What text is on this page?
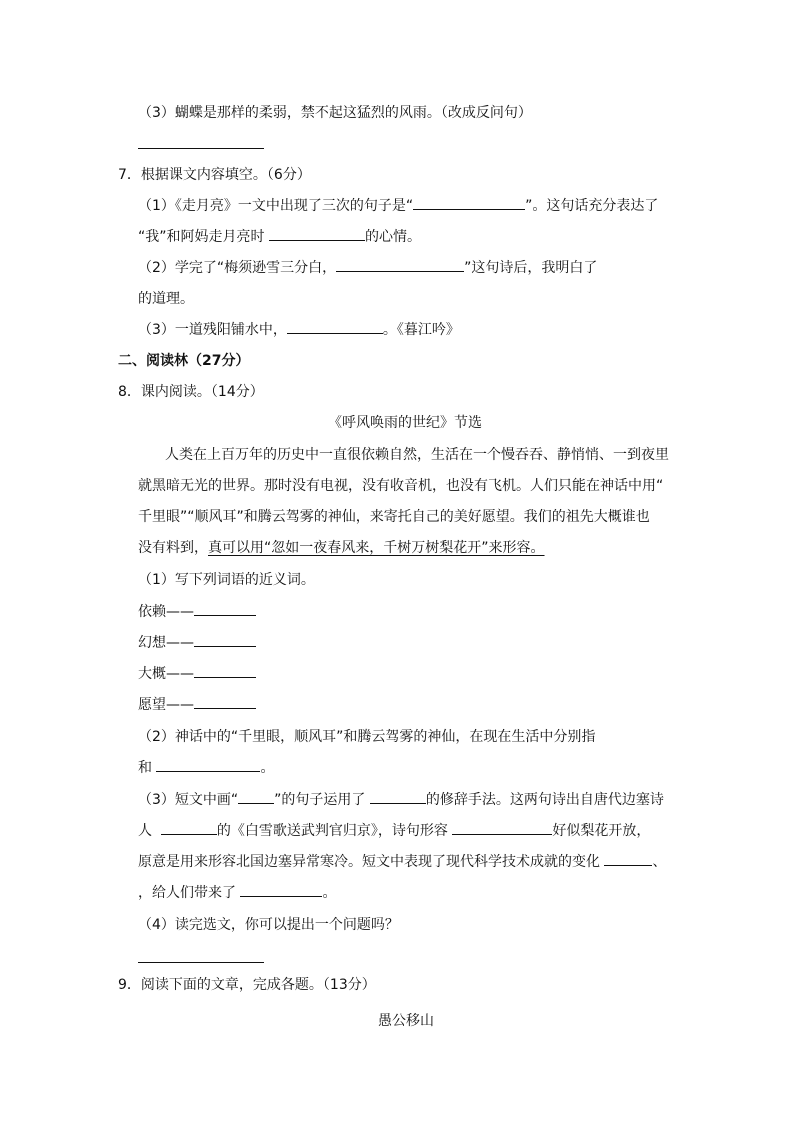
（3）蝴蝶是那样的柔弱，禁不起这猛烈的风雨。（改成反问句）
7．根据课文内容填空。（6分）
（1）《走月亮》一文中出现了三次的句子是“	”。这句话充分表达了
“我”和阿妈走月亮时	的心情。
（2）学完了“梅须逊雪三分白，	”这句诗后，我明白了
的道理。
（3）一道残阳铺水中，	。《暮江吟》
二、阅读林（27分）
8．课内阅读。（14分）
《呼风唤雨的世纪》节选
人类在上百万年的历史中一直很依赖自然，生活在一个慢吞吞、静悄悄、一到夜里
就黑暗无光的世界。那时没有电视，没有收音机，也没有飞机。人们只能在神话中用“
千里眼”“顺风耳”和腾云驾雾的神仙，来寄托自己的美好愿望。我们的祖先大概谁也
没有料到，真可以用“忽如一夜春风来，千树万树梨花开”来形容。
（1）写下列词语的近义词。
依赖——
幻想——
大概——
愿望——
（2）神话中的“千里眼，顺风耳”和腾云驾雾的神仙，在现在生活中分别指
和	。
（3）短文中画“	”的句子运用了	的修辞手法。这两句诗出自唐代边塞诗
人	的《白雪歌送武判官归京》，诗句形容	好似梨花开放，
原意是用来形容北国边塞异常寒冷。短文中表现了现代科学技术成就的变化	、
，给人们带来了	。
（4）读完选文，你可以提出一个问题吗？
9．阅读下面的文章，完成各题。（13分）
愚公移山
